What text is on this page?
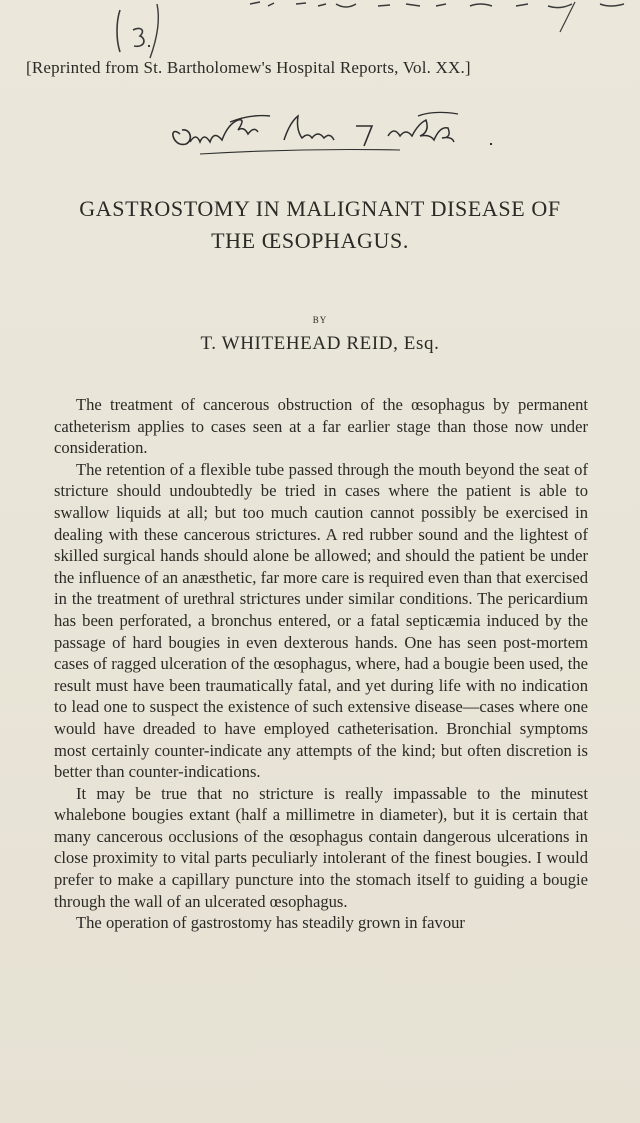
[Reprinted from St. Bartholomew's Hospital Reports, Vol. XX.]
GASTROSTOMY IN MALIGNANT DISEASE OF
THE ŒSOPHAGUS.
BY
T. WHITEHEAD REID, Esq.

The treatment of cancerous obstruction of the œsophagus by permanent catheterism applies to cases seen at a far earlier stage than those now under consideration.

The retention of a flexible tube passed through the mouth beyond the seat of stricture should undoubtedly be tried in cases where the patient is able to swallow liquids at all; but too much caution cannot possibly be exercised in dealing with these cancerous strictures. A red rubber sound and the lightest of skilled surgical hands should alone be allowed; and should the patient be under the influence of an anæsthetic, far more care is required even than that exercised in the treatment of urethral strictures under similar conditions. The pericardium has been perforated, a bronchus entered, or a fatal septicæmia induced by the passage of hard bougies in even dexterous hands. One has seen post-mortem cases of ragged ulceration of the œsophagus, where, had a bougie been used, the result must have been traumatically fatal, and yet during life with no indication to lead one to suspect the existence of such extensive disease—cases where one would have dreaded to have employed catheterisation. Bronchial symptoms most certainly counter-indicate any attempts of the kind; but often discretion is better than counter-indications.

It may be true that no stricture is really impassable to the minutest whalebone bougies extant (half a millimetre in diameter), but it is certain that many cancerous occlusions of the œsophagus contain dangerous ulcerations in close proximity to vital parts peculiarly intolerant of the finest bougies. I would prefer to make a capillary puncture into the stomach itself to guiding a bougie through the wall of an ulcerated œsophagus.

The operation of gastrostomy has steadily grown in favour
